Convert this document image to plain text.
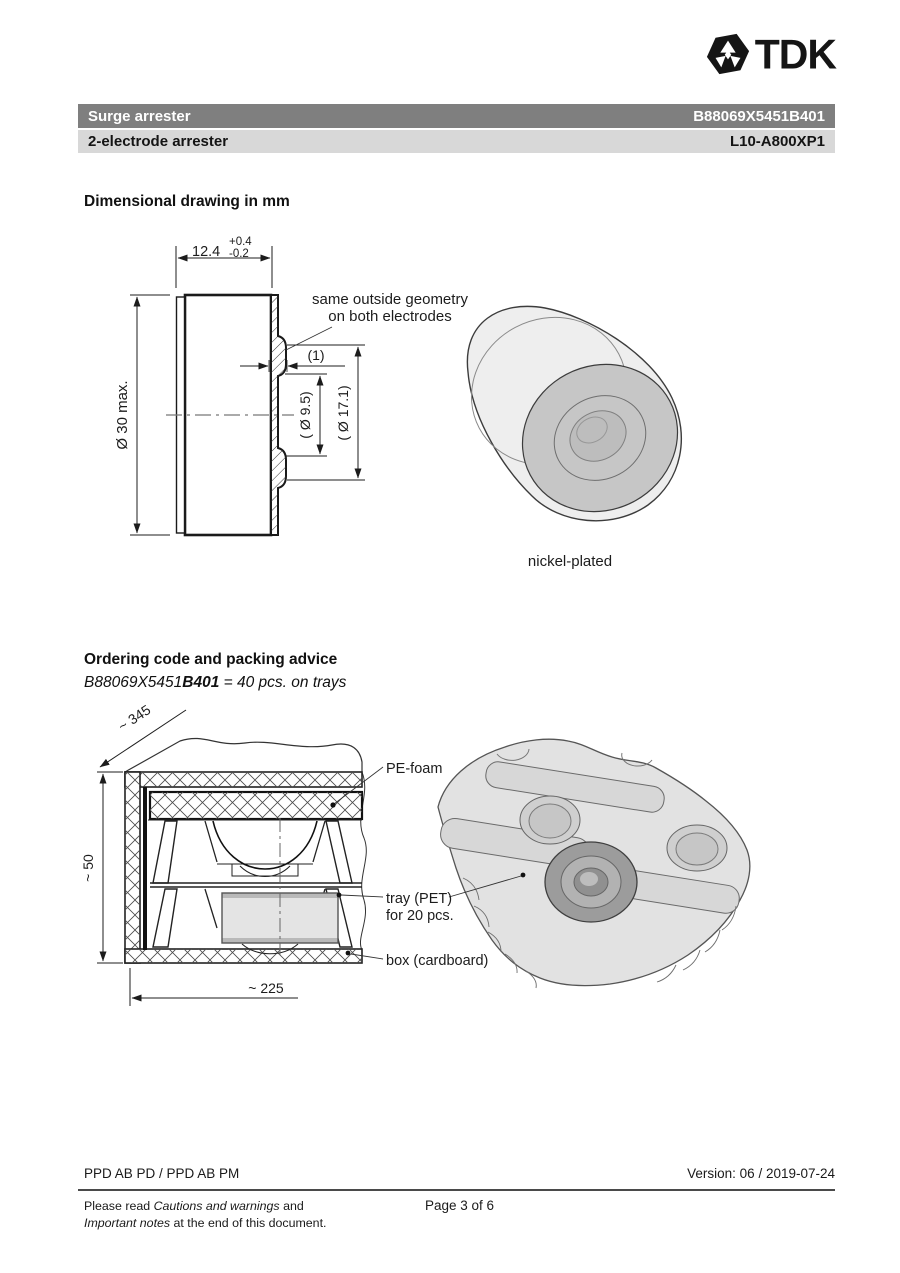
TDK
Surge arrester	B88069X5451B401
2-electrode arrester	L10-A800XP1
Dimensional drawing in mm
12.4
+0.4
-0.2
Ø 30 max.
(1)
( Ø 9.5) ( Ø 17.1)
same outside geometry
on both electrodes
nickel-plated
Ordering code and packing advice
B88069X5451B401 = 40 pcs. on trays
~ 345
~ 50
~ 225
PE-foam
tray (PET)
for 20 pcs.
box (cardboard)
PPD AB PD / PPD AB PM	Version: 06 / 2019-07-24
Please read Cautions and warnings and
Important notes at the end of this document.
Page 3 of 6
